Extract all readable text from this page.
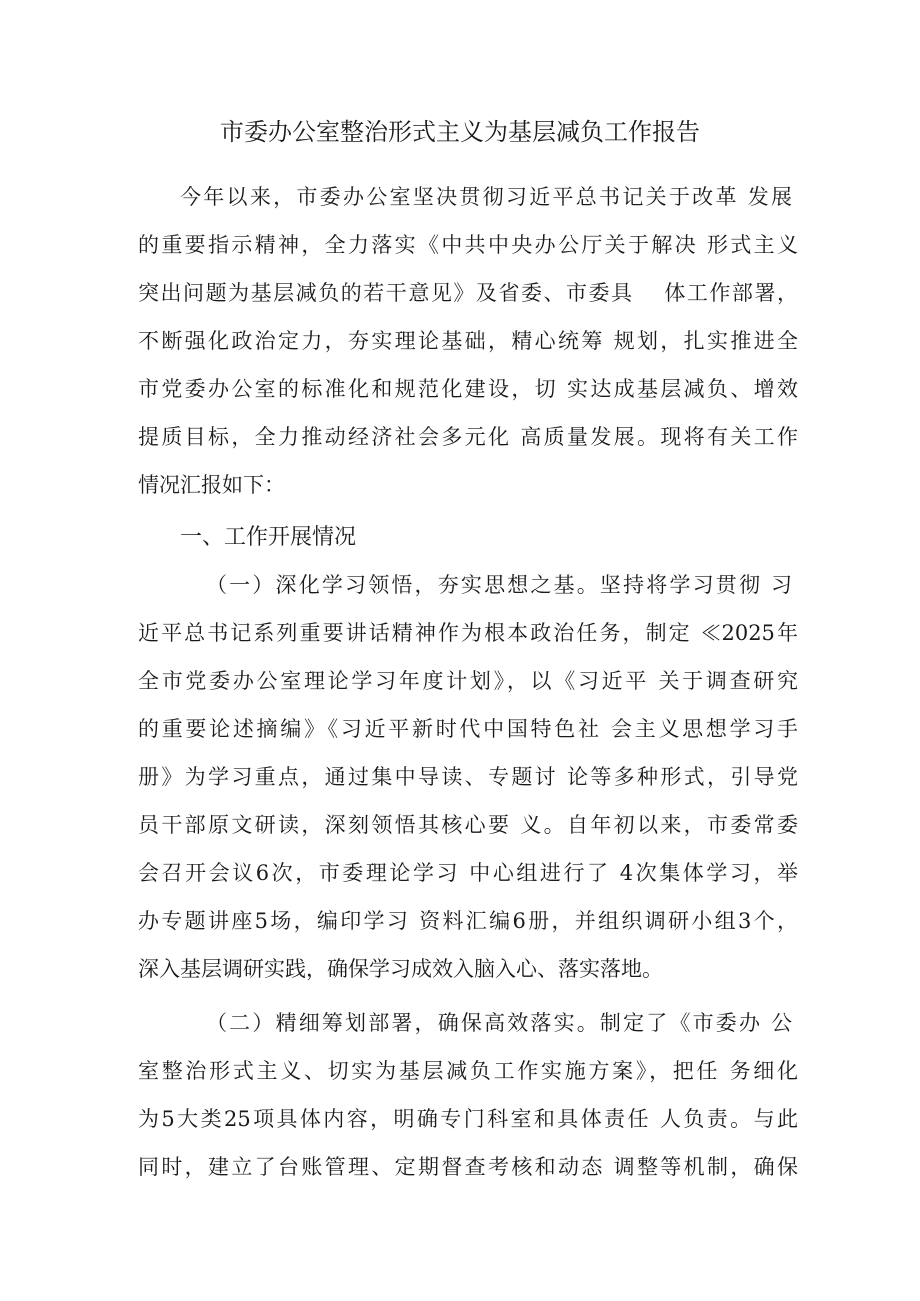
市委办公室整治形式主义为基层减负工作报告
今年以来，市委办公室坚决贯彻习近平总书记关于改革 发展
的重要指示精神，全力落实《中共中央办公厅关于解决 形式主义
突出问题为基层减负的若干意见》及省委、市委具　 体工作部署，
不断强化政治定力，夯实理论基础，精心统筹 规划，扎实推进全
市党委办公室的标准化和规范化建设，切 实达成基层减负、增效
提质目标，全力推动经济社会多元化 高质量发展。现将有关工作
情况汇报如下：
一、工作开展情况
（一）深化学习领悟，夯实思想之基。坚持将学习贯彻 习
近平总书记系列重要讲话精神作为根本政治任务，制定 ≪2025年
全市党委办公室理论学习年度计划》，以《习近平 关于调查研究
的重要论述摘编》《习近平新时代中国特色社 会主义思想学习手
册》为学习重点，通过集中导读、专题讨 论等多种形式，引导党
员干部原文研读，深刻领悟其核心要 义。自年初以来，市委常委
会召开会议6次，市委理论学习 中心组进行了 4次集体学习，举
办专题讲座5场，编印学习 资料汇编6册，并组织调研小组3个，
深入基层调研实践，确保学习成效入脑入心、落实落地。
（二）精细筹划部署，确保高效落实。制定了《市委办 公
室整治形式主义、切实为基层减负工作实施方案》，把任 务细化
为5大类25项具体内容，明确专门科室和具体责任 人负责。与此
同时，建立了台账管理、定期督查考核和动态 调整等机制，确保
